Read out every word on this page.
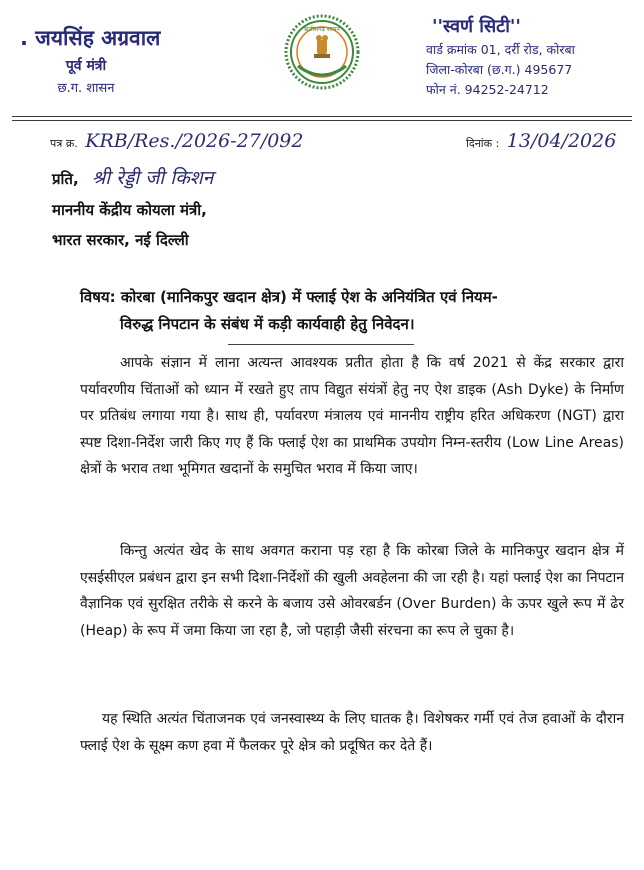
. जयसिंह अग्रवाल
पूर्व मंत्री
छ.ग. शासन
छत्तीसगढ़ शासन	''स्वर्ण सिटी''
वार्ड क्रमांक 01, दर्री रोड, कोरबा
जिला-कोरबा (छ.ग.) 495677
फोन नं. 94252-24712
पत्र क्र. KRB/Res./2026-27/092	दिनांक : 13/04/2026
प्रति, श्री रेड्डी जी किशन
माननीय केंद्रीय कोयला मंत्री,
भारत सरकार, नई दिल्ली
विषय: कोरबा (मानिकपुर खदान क्षेत्र) में फ्लाई ऐश के अनियंत्रित एवं नियम-
विरुद्ध निपटान के संबंध में कड़ी कार्यवाही हेतु निवेदन।
आपके संज्ञान में लाना अत्यन्त आवश्यक प्रतीत होता है कि वर्ष 2021 से केंद्र सरकार द्वारा पर्यावरणीय चिंताओं को ध्यान में रखते हुए ताप विद्युत संयंत्रों हेतु नए ऐश डाइक (Ash Dyke) के निर्माण पर प्रतिबंध लगाया गया है। साथ ही, पर्यावरण मंत्रालय एवं माननीय राष्ट्रीय हरित अधिकरण (NGT) द्वारा स्पष्ट दिशा-निर्देश जारी किए गए हैं कि फ्लाई ऐश का प्राथमिक उपयोग निम्न-स्तरीय (Low Line Areas) क्षेत्रों के भराव तथा भूमिगत खदानों के समुचित भराव में किया जाए।
किन्तु अत्यंत खेद के साथ अवगत कराना पड़ रहा है कि कोरबा जिले के मानिकपुर खदान क्षेत्र में एसईसीएल प्रबंधन द्वारा इन सभी दिशा-निर्देशों की खुली अवहेलना की जा रही है। यहां फ्लाई ऐश का निपटान वैज्ञानिक एवं सुरक्षित तरीके से करने के बजाय उसे ओवरबर्डन (Over Burden) के ऊपर खुले रूप में ढेर (Heap) के रूप में जमा किया जा रहा है, जो पहाड़ी जैसी संरचना का रूप ले चुका है।
यह स्थिति अत्यंत चिंताजनक एवं जनस्वास्थ्य के लिए घातक है। विशेषकर गर्मी एवं तेज हवाओं के दौरान फ्लाई ऐश के सूक्ष्म कण हवा में फैलकर पूरे क्षेत्र को प्रदूषित कर देते हैं।
